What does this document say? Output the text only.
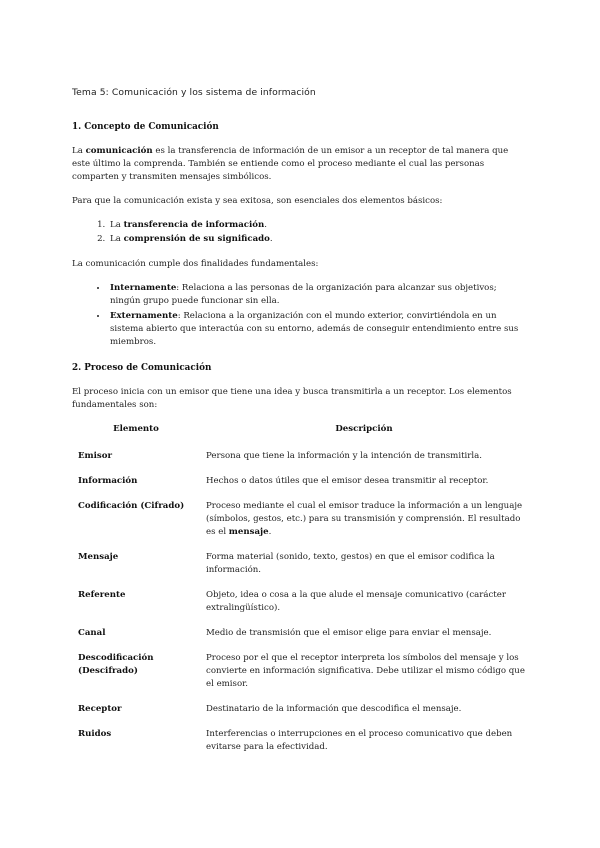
Tema 5: Comunicación y los sistema de información
1. Concepto de Comunicación

La comunicación es la transferencia de información de un emisor a un receptor de tal manera que este último la comprenda. También se entiende como el proceso mediante el cual las personas comparten y transmiten mensajes simbólicos.

Para que la comunicación exista y sea exitosa, son esenciales dos elementos básicos:

1. La transferencia de información.
2. La comprensión de su significado.

La comunicación cumple dos finalidades fundamentales:

• Internamente: Relaciona a las personas de la organización para alcanzar sus objetivos; ningún grupo puede funcionar sin ella.
• Externamente: Relaciona a la organización con el mundo exterior, convirtiéndola en un sistema abierto que interactúa con su entorno, además de conseguir entendimiento entre sus miembros.
2. Proceso de Comunicación

El proceso inicia con un emisor que tiene una idea y busca transmitirla a un receptor. Los elementos fundamentales son:

Elemento	Descripción
Emisor	Persona que tiene la información y la intención de transmitirla.
Información	Hechos o datos útiles que el emisor desea transmitir al receptor.
Codificación (Cifrado)	Proceso mediante el cual el emisor traduce la información a un lenguaje (símbolos, gestos, etc.) para su transmisión y comprensión. El resultado es el mensaje.
Mensaje	Forma material (sonido, texto, gestos) en que el emisor codifica la información.
Referente	Objeto, idea o cosa a la que alude el mensaje comunicativo (carácter extralingüístico).
Canal	Medio de transmisión que el emisor elige para enviar el mensaje.
Descodificación (Descifrado)	Proceso por el que el receptor interpreta los símbolos del mensaje y los convierte en información significativa. Debe utilizar el mismo código que el emisor.
Receptor	Destinatario de la información que descodifica el mensaje.
Ruidos	Interferencias o interrupciones en el proceso comunicativo que deben evitarse para la efectividad.
